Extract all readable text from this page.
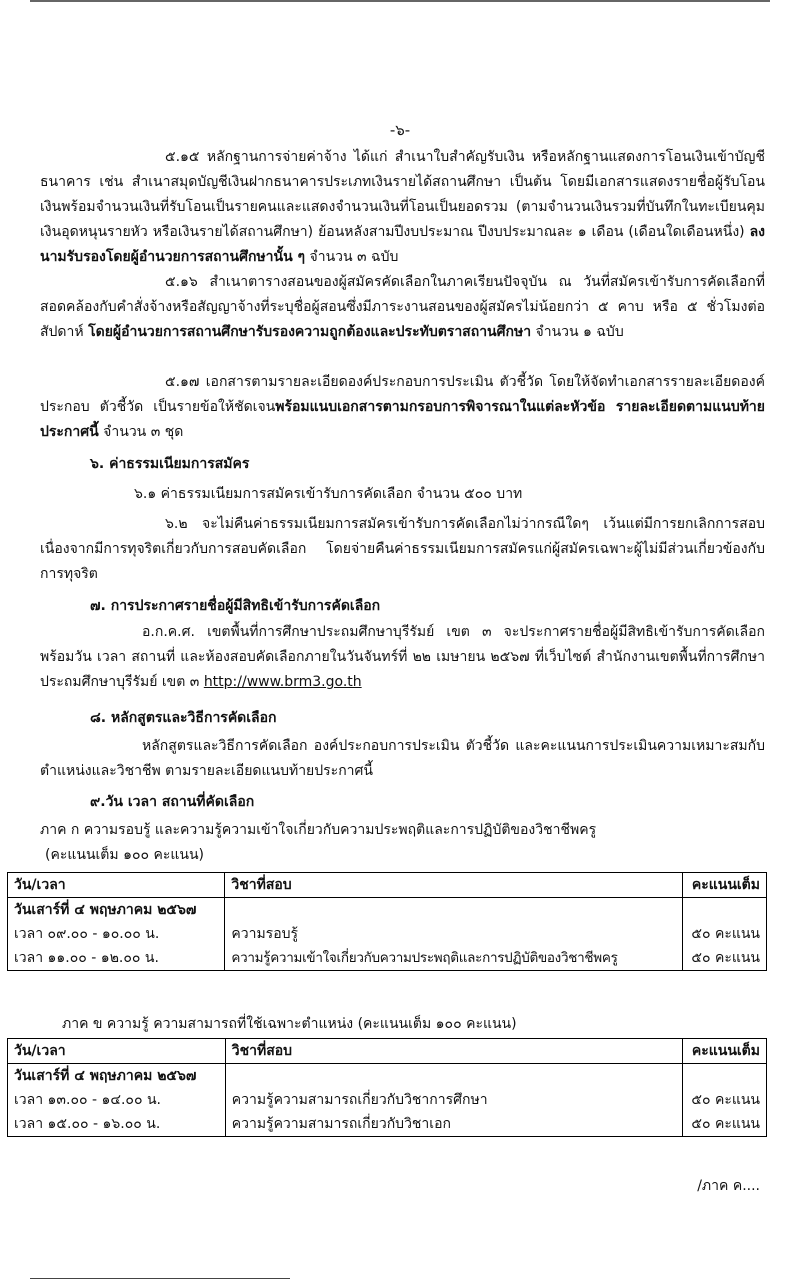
-๖-

๕.๑๕ หลักฐานการจ่ายค่าจ้าง ได้แก่ สำเนาใบสำคัญรับเงิน หรือหลักฐานแสดงการโอนเงินเข้าบัญชีธนาคาร เช่น สำเนาสมุดบัญชีเงินฝากธนาคารประเภทเงินรายได้สถานศึกษา เป็นต้น โดยมีเอกสารแสดงรายชื่อผู้รับโอนเงินพร้อมจำนวนเงินที่รับโอนเป็นรายคนและแสดงจำนวนเงินที่โอนเป็นยอดรวม (ตามจำนวนเงินรวมที่บันทึกในทะเบียนคุมเงินอุดหนุนรายหัว หรือเงินรายได้สถานศึกษา) ย้อนหลังสามปีงบประมาณ ปีงบประมาณละ ๑ เดือน (เดือนใดเดือนหนึ่ง) ลงนามรับรองโดยผู้อำนวยการสถานศึกษานั้น ๆ จำนวน ๓ ฉบับ

๕.๑๖ สำเนาตารางสอนของผู้สมัครคัดเลือกในภาคเรียนปัจจุบัน ณ วันที่สมัครเข้ารับการคัดเลือกที่สอดคล้องกับคำสั่งจ้างหรือสัญญาจ้างที่ระบุชื่อผู้สอนซึ่งมีภาระงานสอนของผู้สมัครไม่น้อยกว่า ๕ คาบ หรือ ๕ ชั่วโมงต่อสัปดาห์ โดยผู้อำนวยการสถานศึกษารับรองความถูกต้องและประทับตราสถานศึกษา จำนวน ๑ ฉบับ

๕.๑๗ เอกสารตามรายละเอียดองค์ประกอบการประเมิน ตัวชี้วัด โดยให้จัดทำเอกสารรายละเอียดองค์ประกอบ ตัวชี้วัด เป็นรายข้อให้ชัดเจนพร้อมแนบเอกสารตามกรอบการพิจารณาในแต่ละหัวข้อ รายละเอียดตามแนบท้ายประกาศนี้ จำนวน ๓ ชุด

๖. ค่าธรรมเนียมการสมัคร

๖.๑ ค่าธรรมเนียมการสมัครเข้ารับการคัดเลือก จำนวน ๕๐๐ บาท

๖.๒ จะไม่คืนค่าธรรมเนียมการสมัครเข้ารับการคัดเลือกไม่ว่ากรณีใดๆ เว้นแต่มีการยกเลิกการสอบเนื่องจากมีการทุจริตเกี่ยวกับการสอบคัดเลือก โดยจ่ายคืนค่าธรรมเนียมการสมัครแก่ผู้สมัครเฉพาะผู้ไม่มีส่วนเกี่ยวข้องกับการทุจริต

๗. การประกาศรายชื่อผู้มีสิทธิเข้ารับการคัดเลือก

อ.ก.ค.ศ. เขตพื้นที่การศึกษาประถมศึกษาบุรีรัมย์ เขต ๓ จะประกาศรายชื่อผู้มีสิทธิเข้ารับการคัดเลือก พร้อมวัน เวลา สถานที่ และห้องสอบคัดเลือกภายในวันจันทร์ที่ ๒๒ เมษายน ๒๕๖๗ ที่เว็บไซต์ สำนักงานเขตพื้นที่การศึกษาประถมศึกษาบุรีรัมย์ เขต ๓ http://www.brm3.go.th

๘. หลักสูตรและวิธีการคัดเลือก

หลักสูตรและวิธีการคัดเลือก องค์ประกอบการประเมิน ตัวชี้วัด และคะแนนการประเมินความเหมาะสมกับตำแหน่งและวิชาชีพ ตามรายละเอียดแนบท้ายประกาศนี้

๙.วัน เวลา สถานที่คัดเลือก

ภาค ก ความรอบรู้ และความรู้ความเข้าใจเกี่ยวกับความประพฤติและการปฏิบัติของวิชาชีพครู

(คะแนนเต็ม ๑๐๐ คะแนน)

วัน/เวลา	วิชาที่สอบ	คะแนนเต็ม
วันเสาร์ที่ ๔ พฤษภาคม ๒๕๖๗		
เวลา ๐๙.๐๐ - ๑๐.๐๐ น.	ความรอบรู้	๕๐ คะแนน
เวลา ๑๑.๐๐ - ๑๒.๐๐ น.	ความรู้ความเข้าใจเกี่ยวกับความประพฤติและการปฏิบัติของวิชาชีพครู	๕๐ คะแนน

ภาค ข ความรู้ ความสามารถที่ใช้เฉพาะตำแหน่ง (คะแนนเต็ม ๑๐๐ คะแนน)

วัน/เวลา	วิชาที่สอบ	คะแนนเต็ม
วันเสาร์ที่ ๔ พฤษภาคม ๒๕๖๗		
เวลา ๑๓.๐๐ - ๑๔.๐๐ น.	ความรู้ความสามารถเกี่ยวกับวิชาการศึกษา	๕๐ คะแนน
เวลา ๑๕.๐๐ - ๑๖.๐๐ น.	ความรู้ความสามารถเกี่ยวกับวิชาเอก	๕๐ คะแนน
/ภาค ค....
